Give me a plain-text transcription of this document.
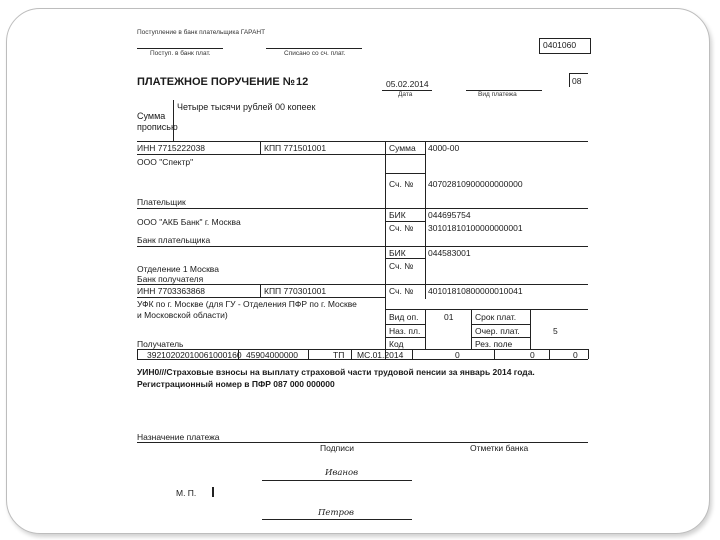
Поступление в банк плательщика ГАРАНТ
Поступ. в банк плат.	Списано со сч. плат.
0401060
ПЛАТЕЖНОЕ ПОРУЧЕНИЕ № 12	05.02.2014
Дата	Вид платежа
08
Сумма
прописью
Четыре тысячи рублей 00 копеек
ИНН 7715222038	КПП 771501001	Сумма 4000-00
ООО "Спектр"
Сч. № 40702810900000000000
Плательщик
ООО "АКБ Банк" г. Москва
БИК	044695754
Сч. № 30101810100000000001
Банк плательщика
БИК	044583001
Сч. №
Отделение 1 Москва
Банк получателя
ИНН 7703363868	КПП 770301001	Сч. № 40101810800000010041
УФК по г. Москве (для ГУ - Отделения ПФР по г. Москве
и Московской области)
Получатель
Вид оп.	01	Срок плат.
Наз. пл.	Очер. плат.	5
Код	Рез. поле
39210202010061000160 45904000000	ТП МС.01.2014	0	0	0
УИН0///Страховые взносы на выплату страховой части трудовой пенсии за январь 2014 года.
Регистрационный номер в ПФР 087 000 000000
Назначение платежа
Подписи	Отметки банка
Иванов
М. П.
Петров
